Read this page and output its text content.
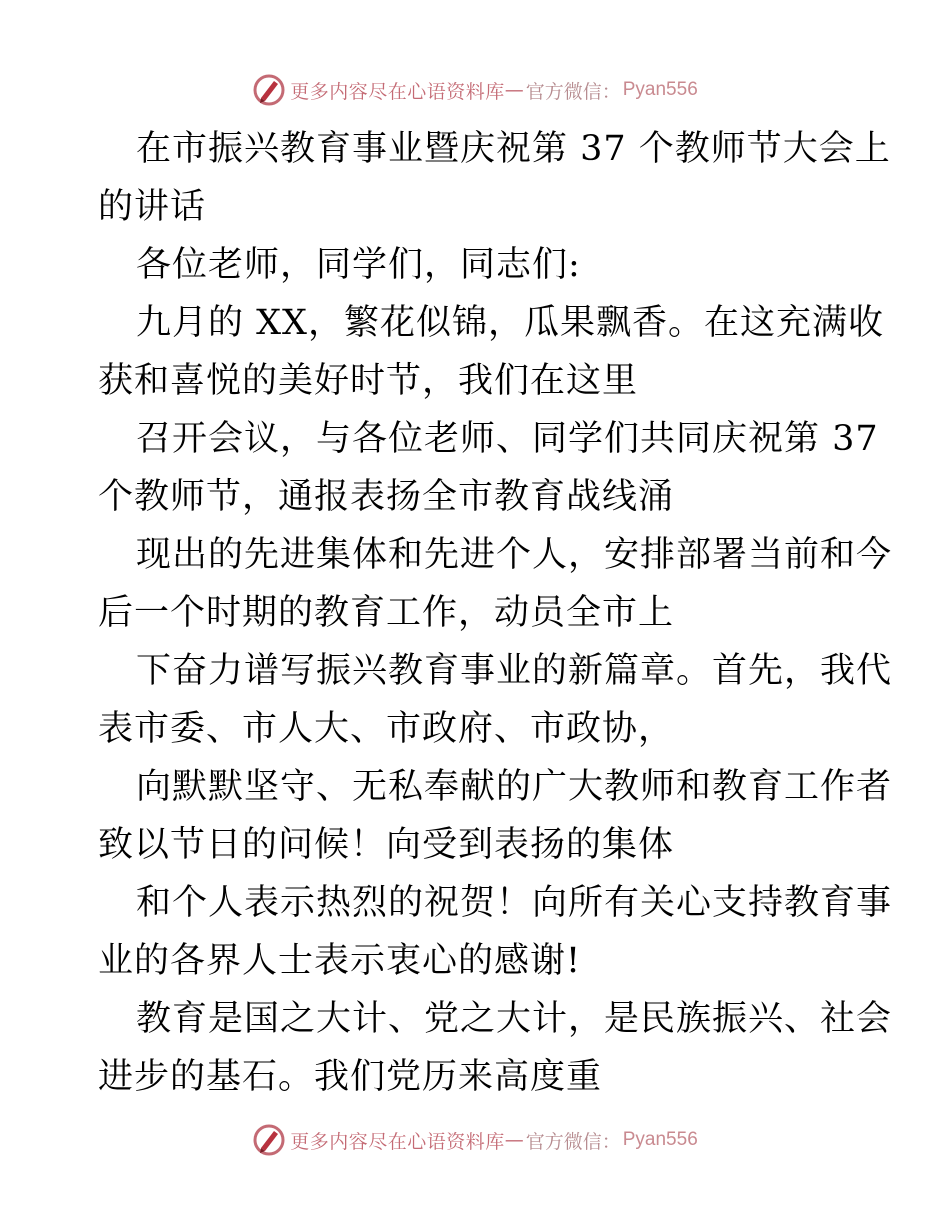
更多内容尽在心语资料库 — 官方微信： Pyan556
在市振兴教育事业暨庆祝第 37 个教师节大会上
的讲话
各位老师，同学们，同志们:
九月的 XX，繁花似锦，瓜果飘香。在这充满收
获和喜悦的美好时节，我们在这里
召开会议，与各位老师、同学们共同庆祝第 37
个教师节，通报表扬全市教育战线涌
现出的先进集体和先进个人，安排部署当前和今
后一个时期的教育工作，动员全市上
下奋力谱写振兴教育事业的新篇章。首先，我代
表市委、市人大、市政府、市政协，
向默默坚守、无私奉献的广大教师和教育工作者
致以节日的问候！向受到表扬的集体
和个人表示热烈的祝贺！向所有关心支持教育事
业的各界人士表示衷心的感谢!
教育是国之大计、党之大计，是民族振兴、社会
进步的基石。我们党历来高度重
更多内容尽在心语资料库 — 官方微信： Pyan556
